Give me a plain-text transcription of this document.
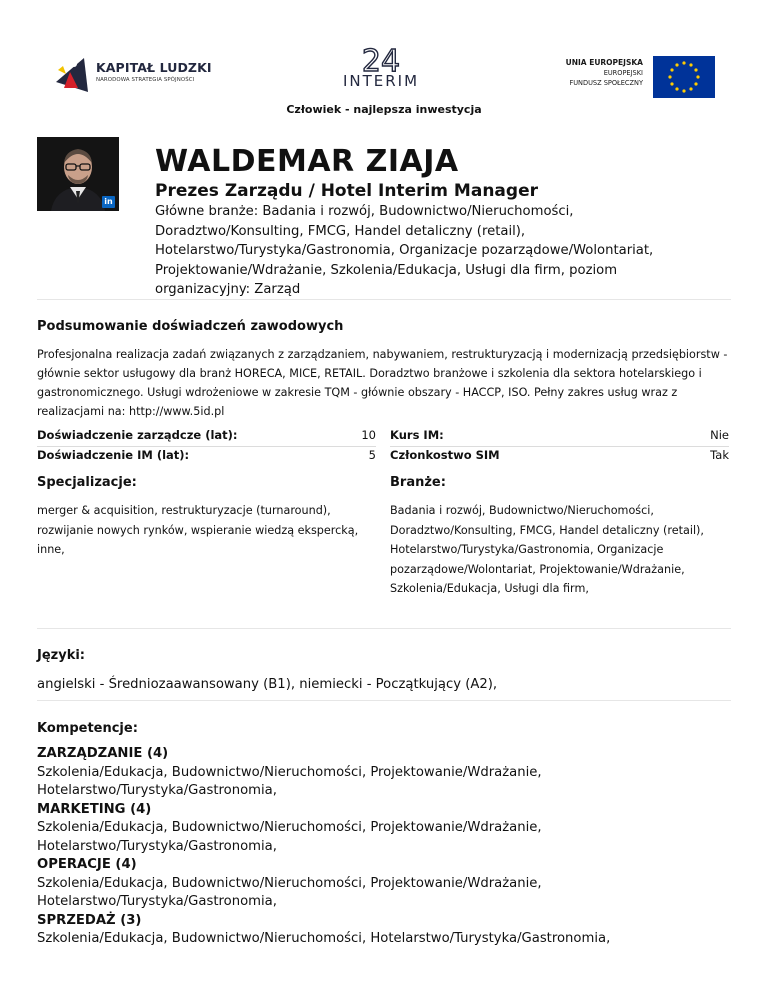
KAPITAŁ LUDZKI
NARODOWA STRATEGIA SPÓJNOŚCI
24
INTERIM
UNIA EUROPEJSKA
EUROPEJSKI
FUNDUSZ SPOŁECZNY
Człowiek - najlepsza inwestycja
in
WALDEMAR ZIAJA
Prezes Zarządu / Hotel Interim Manager
Główne branże: Badania i rozwój, Budownictwo/Nieruchomości, Doradztwo/Konsulting, FMCG, Handel detaliczny (retail), Hotelarstwo/Turystyka/Gastronomia, Organizacje pozarządowe/Wolontariat, Projektowanie/Wdrażanie, Szkolenia/Edukacja, Usługi dla firm, poziom organizacyjny: Zarząd
Podsumowanie doświadczeń zawodowych
Profesjonalna realizacja zadań związanych z zarządzaniem, nabywaniem, restrukturyzacją i modernizacją przedsiębiorstw - głównie sektor usługowy dla branż HORECA, MICE, RETAIL. Doradztwo branżowe i szkolenia dla sektora hotelarskiego i gastronomicznego. Usługi wdrożeniowe w zakresie TQM - głównie obszary - HACCP, ISO. Pełny zakres usług wraz z realizacjami na: http://www.5id.pl
Doświadczenie zarządcze (lat):	10
Doświadczenie IM (lat):	5
Kurs IM:	Nie
Członkostwo SIM	Tak
Specjalizacje:
merger & acquisition, restrukturyzacje (turnaround), rozwijanie nowych rynków, wspieranie wiedzą ekspercką, inne,
Branże:
Badania i rozwój, Budownictwo/Nieruchomości, Doradztwo/Konsulting, FMCG, Handel detaliczny (retail), Hotelarstwo/Turystyka/Gastronomia, Organizacje pozarządowe/Wolontariat, Projektowanie/Wdrażanie, Szkolenia/Edukacja, Usługi dla firm,
Języki:
angielski - Średniozaawansowany (B1), niemiecki - Początkujący (A2),
Kompetencje:
ZARZĄDZANIE (4)
Szkolenia/Edukacja, Budownictwo/Nieruchomości, Projektowanie/Wdrażanie, Hotelarstwo/Turystyka/Gastronomia,
MARKETING (4)
Szkolenia/Edukacja, Budownictwo/Nieruchomości, Projektowanie/Wdrażanie, Hotelarstwo/Turystyka/Gastronomia,
OPERACJE (4)
Szkolenia/Edukacja, Budownictwo/Nieruchomości, Projektowanie/Wdrażanie, Hotelarstwo/Turystyka/Gastronomia,
SPRZEDAŻ (3)
Szkolenia/Edukacja, Budownictwo/Nieruchomości, Hotelarstwo/Turystyka/Gastronomia,
